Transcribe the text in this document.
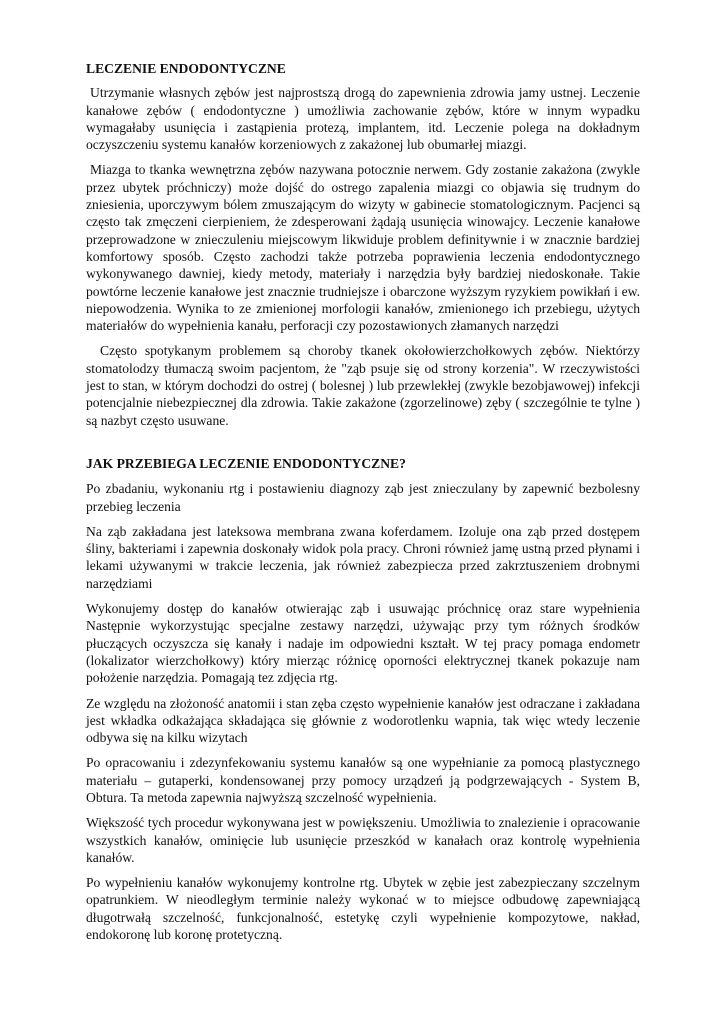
LECZENIE ENDODONTYCZNE

Utrzymanie własnych zębów jest najprostszą drogą do zapewnienia zdrowia jamy ustnej. Leczenie kanałowe zębów ( endodontyczne ) umożliwia zachowanie zębów, które w innym wypadku wymagałaby usunięcia i zastąpienia protezą, implantem, itd. Leczenie polega na dokładnym oczyszczeniu systemu kanałów korzeniowych z zakażonej lub obumarłej miazgi.

Miazga to tkanka wewnętrzna zębów nazywana potocznie nerwem. Gdy zostanie zakażona (zwykle przez ubytek próchniczy) może dojść do ostrego zapalenia miazgi co objawia się trudnym do zniesienia, uporczywym bólem zmuszającym do wizyty w gabinecie stomatologicznym. Pacjenci są często tak zmęczeni cierpieniem, że zdesperowani żądają usunięcia winowajcy. Leczenie kanałowe przeprowadzone w znieczuleniu miejscowym likwiduje problem definitywnie i w znacznie bardziej komfortowy sposób. Często zachodzi także potrzeba poprawienia leczenia endodontycznego wykonywanego dawniej, kiedy metody, materiały i narzędzia były bardziej niedoskonałe. Takie powtórne leczenie kanałowe jest znacznie trudniejsze i obarczone wyższym ryzykiem powikłań i ew. niepowodzenia. Wynika to ze zmienionej morfologii kanałów, zmienionego ich przebiegu, użytych materiałów do wypełnienia kanału, perforacji czy pozostawionych złamanych narzędzi

Często spotykanym problemem są choroby tkanek okołowierzchołkowych zębów. Niektórzy stomatolodzy tłumaczą swoim pacjentom, że "ząb psuje się od strony korzenia". W rzeczywistości jest to stan, w którym dochodzi do ostrej ( bolesnej ) lub przewlekłej (zwykle bezobjawowej) infekcji potencjalnie niebezpiecznej dla zdrowia. Takie zakażone (zgorzelinowe) zęby ( szczególnie te tylne ) są nazbyt często usuwane.

JAK PRZEBIEGA LECZENIE ENDODONTYCZNE?

Po zbadaniu, wykonaniu rtg i postawieniu diagnozy ząb jest znieczulany by zapewnić bezbolesny przebieg leczenia

Na ząb zakładana jest lateksowa membrana zwana koferdamem. Izoluje ona ząb przed dostępem śliny, bakteriami i zapewnia doskonały widok pola pracy. Chroni również jamę ustną przed płynami i lekami używanymi w trakcie leczenia, jak również zabezpiecza przed zakrztuszeniem drobnymi narzędziami

Wykonujemy dostęp do kanałów otwierając ząb i usuwając próchnicę oraz stare wypełnienia Następnie wykorzystując specjalne zestawy narzędzi, używając przy tym różnych środków płuczących oczyszcza się kanały i nadaje im odpowiedni kształt. W tej pracy pomaga endometr (lokalizator wierzchołkowy) który mierząc różnicę oporności elektrycznej tkanek pokazuje nam położenie narzędzia. Pomagają tez zdjęcia rtg.

Ze względu na złożoność anatomii i stan zęba często wypełnienie kanałów jest odraczane i zakładana jest wkładka odkażająca składająca się głównie z wodorotlenku wapnia, tak więc wtedy leczenie odbywa się na kilku wizytach

Po opracowaniu i zdezynfekowaniu systemu kanałów są one wypełnianie za pomocą plastycznego materiału – gutaperki, kondensowanej przy pomocy urządzeń ją podgrzewających - System B, Obtura. Ta metoda zapewnia najwyższą szczelność wypełnienia.

Większość tych procedur wykonywana jest w powiększeniu. Umożliwia to znalezienie i opracowanie wszystkich kanałów, ominięcie lub usunięcie przeszkód w kanałach oraz kontrolę wypełnienia kanałów.

Po wypełnieniu kanałów wykonujemy kontrolne rtg. Ubytek w zębie jest zabezpieczany szczelnym opatrunkiem. W nieodległym terminie należy wykonać w to miejsce odbudowę zapewniającą długotrwałą szczelność, funkcjonalność, estetykę czyli wypełnienie kompozytowe, nakład, endokoronę lub koronę protetyczną.
